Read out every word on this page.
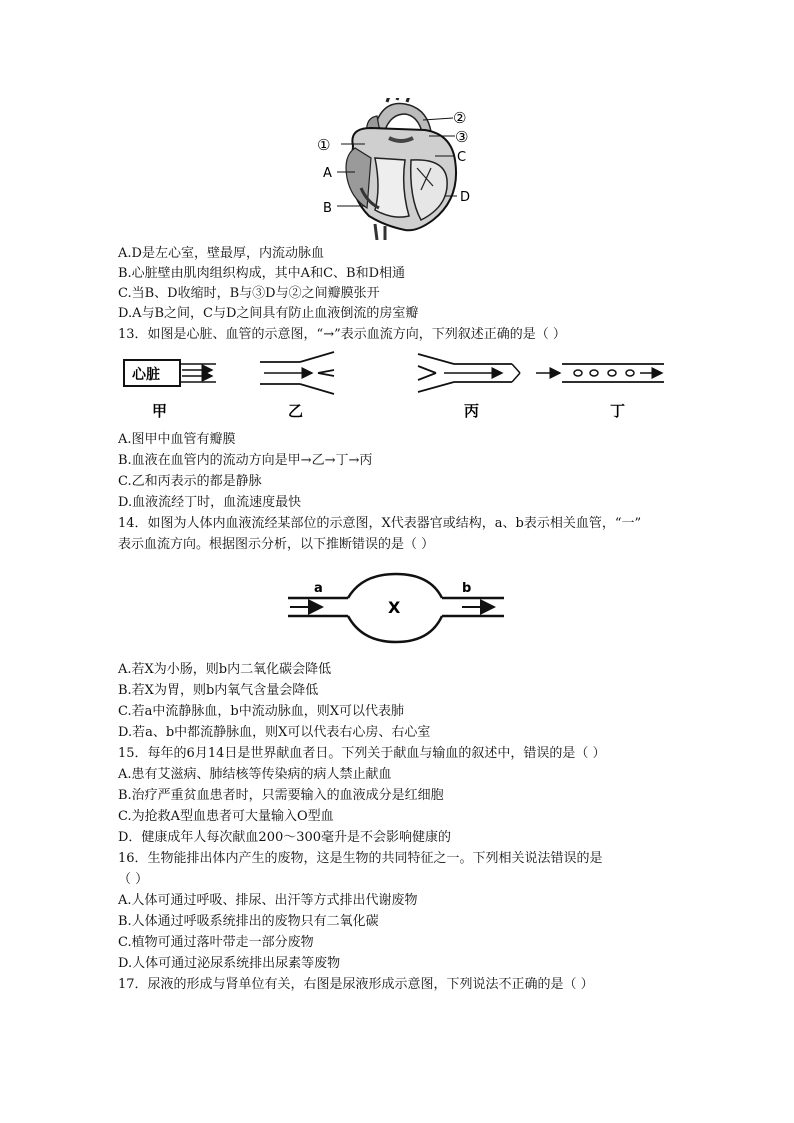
①
A
B
②
③
C
D
A.D是左心室，壁最厚，内流动脉血
B.心脏壁由肌肉组织构成，其中A和C、B和D相通
C.当B、D收缩时，B与③D与②之间瓣膜张开
D.A与B之间，C与D之间具有防止血液倒流的房室瓣
13．如图是心脏、血管的示意图，“→”表示血流方向，下列叙述正确的是（ ）
心脏
甲	乙	丙	丁
A.图甲中血管有瓣膜
B.血液在血管内的流动方向是甲→乙→丁→丙
C.乙和丙表示的都是静脉
D.血液流经丁时，血流速度最快
14．如图为人体内血液流经某部位的示意图，X代表器官或结构，a、b表示相关血管，“一”
表示血流方向。根据图示分析，以下推断错误的是（ ）
a
X
b
A.若X为小肠，则b内二氧化碳会降低
B.若X为胃，则b内氧气含量会降低
C.若a中流静脉血，b中流动脉血，则X可以代表肺
D.若a、b中都流静脉血，则X可以代表右心房、右心室
15．每年的6月14日是世界献血者日。下列关于献血与输血的叙述中，错误的是（ ）
A.患有艾滋病、肺结核等传染病的病人禁止献血
B.治疗严重贫血患者时，只需要输入的血液成分是红细胞
C.为抢救A型血患者可大量输入O型血
D．健康成年人每次献血200～300毫升是不会影响健康的
16．生物能排出体内产生的废物，这是生物的共同特征之一。下列相关说法错误的是
（ ）
A.人体可通过呼吸、排尿、出汗等方式排出代谢废物
B.人体通过呼吸系统排出的废物只有二氧化碳
C.植物可通过落叶带走一部分废物
D.人体可通过泌尿系统排出尿素等废物
17．尿液的形成与肾单位有关，右图是尿液形成示意图，下列说法不正确的是（ ）
